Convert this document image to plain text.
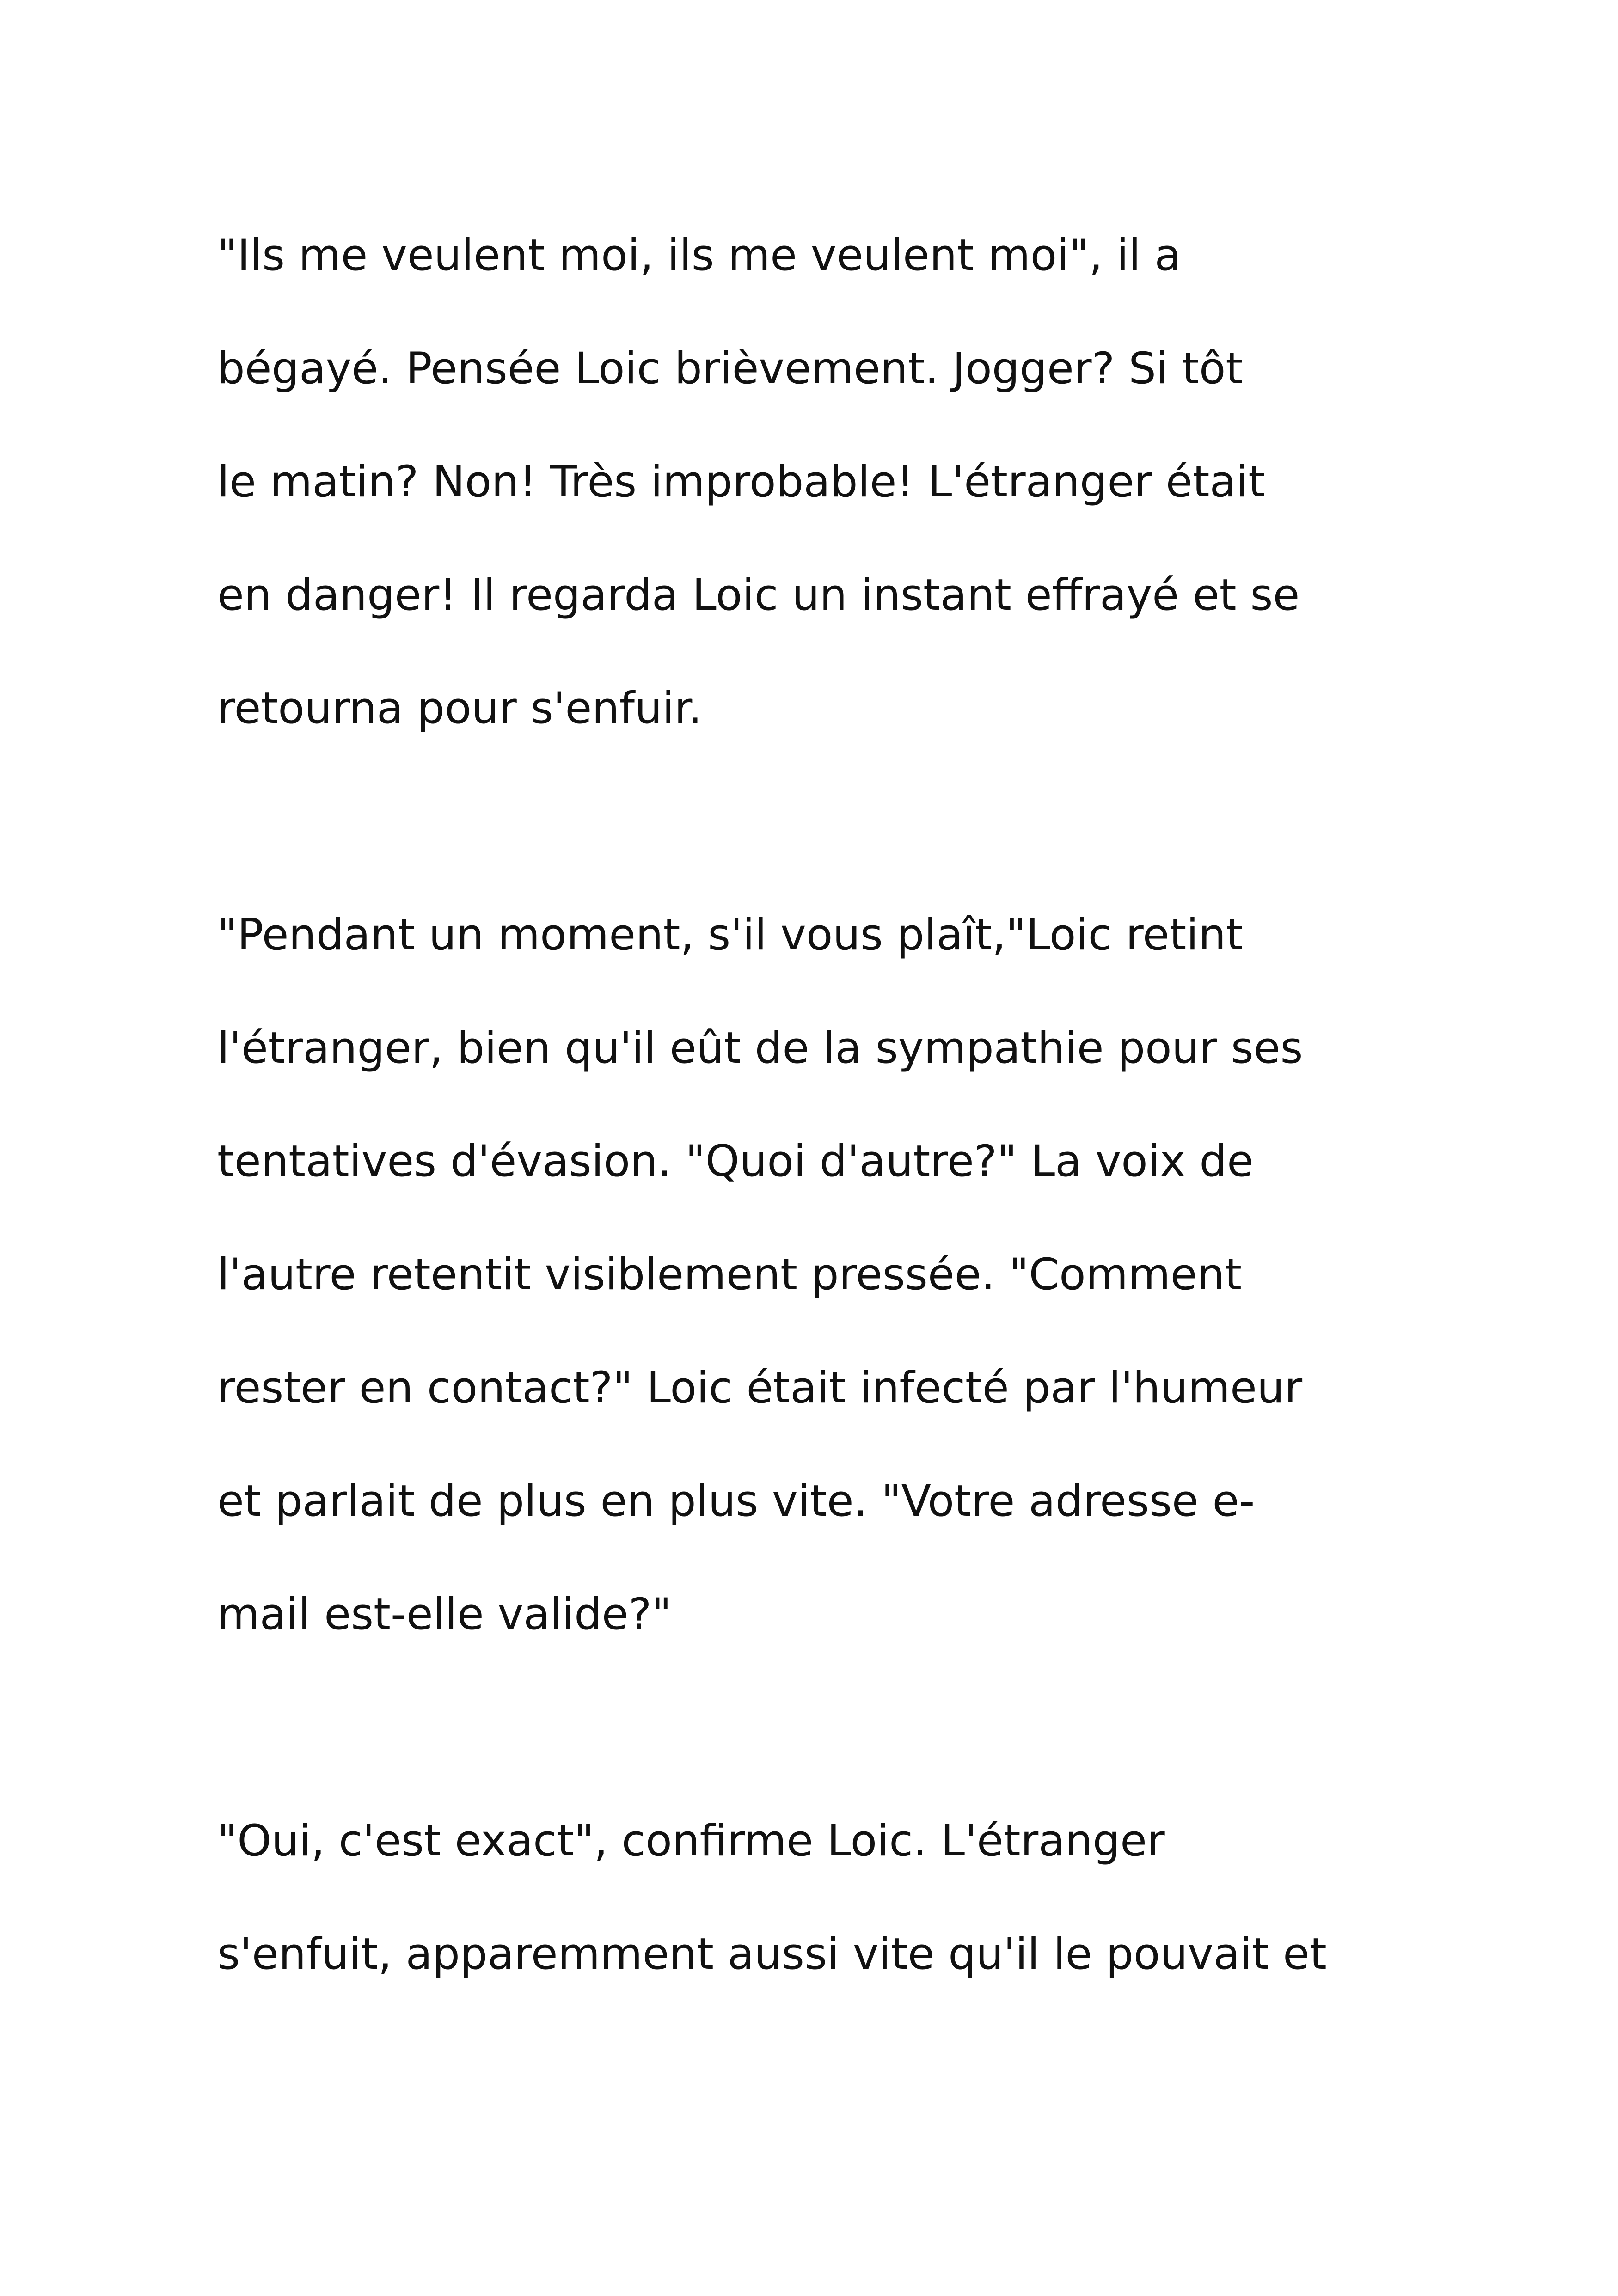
"Ils me veulent moi, ils me veulent moi", il a
bégayé. Pensée Loic brièvement. Jogger? Si tôt
le matin? Non! Très improbable! L'étranger était
en danger! Il regarda Loic un instant effrayé et se
retourna pour s'enfuir.
"Pendant un moment, s'il vous plaît,"Loic retint
l'étranger, bien qu'il eût de la sympathie pour ses
tentatives d'évasion. "Quoi d'autre?" La voix de
l'autre retentit visiblement pressée. "Comment
rester en contact?" Loic était infecté par l'humeur
et parlait de plus en plus vite. "Votre adresse e-
mail est-elle valide?"
"Oui, c'est exact", confirme Loic. L'étranger
s'enfuit, apparemment aussi vite qu'il le pouvait et
